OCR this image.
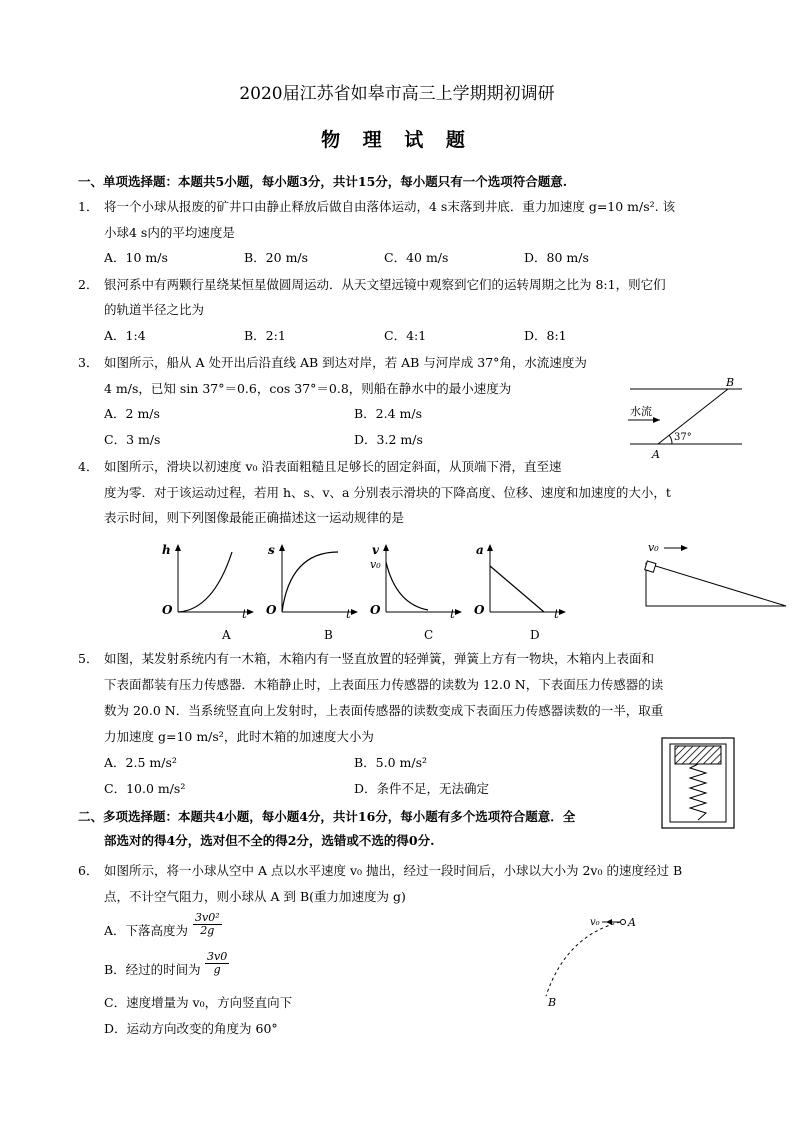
2020届江苏省如皋市高三上学期期初调研
物 理 试 题
一、单项选择题：本题共5小题，每小题3分，共计15分，每小题只有一个选项符合题意.
1． 将一个小球从报废的矿井口由静止释放后做自由落体运动，4 s末落到井底．重力加速度 g=10 m/s². 该
小球4 s内的平均速度是
A．10 m/s	B．20 m/s	C．40 m/s	D．80 m/s
2． 银河系中有两颗行星绕某恒星做圆周运动．从天文望远镜中观察到它们的运转周期之比为 8:1，则它们
的轨道半径之比为
A．1:4	B．2:1	C．4:1	D．8:1
3． 如图所示，船从 A 处开出后沿直线 AB 到达对岸，若 AB 与河岸成 37°角，水流速度为
4 m/s，已知 sin 37°＝0.6，cos 37°＝0.8，则船在静水中的最小速度为
A．2 m/s	B．2.4 m/s
C．3 m/s	D．3.2 m/s
B
A
水流
37°
4． 如图所示，滑块以初速度 v₀ 沿表面粗糙且足够长的固定斜面，从顶端下滑，直至速
度为零．对于该运动过程，若用 h、s、v、a 分别表示滑块的下降高度、位移、速度和加速度的大小，t
表示时间，则下列图像最能正确描述这一运动规律的是
h
O	t
A
s
O	t
B
v
v₀
O	t
C
a
O	t
D
v₀
5． 如图，某发射系统内有一木箱，木箱内有一竖直放置的轻弹簧，弹簧上方有一物块，木箱内上表面和
下表面都装有压力传感器．木箱静止时，上表面压力传感器的读数为 12.0 N，下表面压力传感器的读
数为 20.0 N．当系统竖直向上发射时，上表面传感器的读数变成下表面压力传感器读数的一半，取重
力加速度 g=10 m/s²，此时木箱的加速度大小为
A．2.5 m/s²	B．5.0 m/s²
C．10.0 m/s²	D．条件不足，无法确定
二、多项选择题：本题共4小题，每小题4分，共计16分，每小题有多个选项符合题意．全
部选对的得4分，选对但不全的得2分，选错或不选的得0分.
6． 如图所示，将一小球从空中 A 点以水平速度 v₀ 抛出，经过一段时间后，小球以大小为 2v₀ 的速度经过 B
点，不计空气阻力，则小球从 A 到 B(重力加速度为 g)
A．下落高度为 $\frac{\text{3v0²}}{2g}$
B．经过的时间为 $\frac{3v0}{g}$
C．速度增量为 v₀，方向竖直向下
D．运动方向改变的角度为 60°
v₀	A
B
